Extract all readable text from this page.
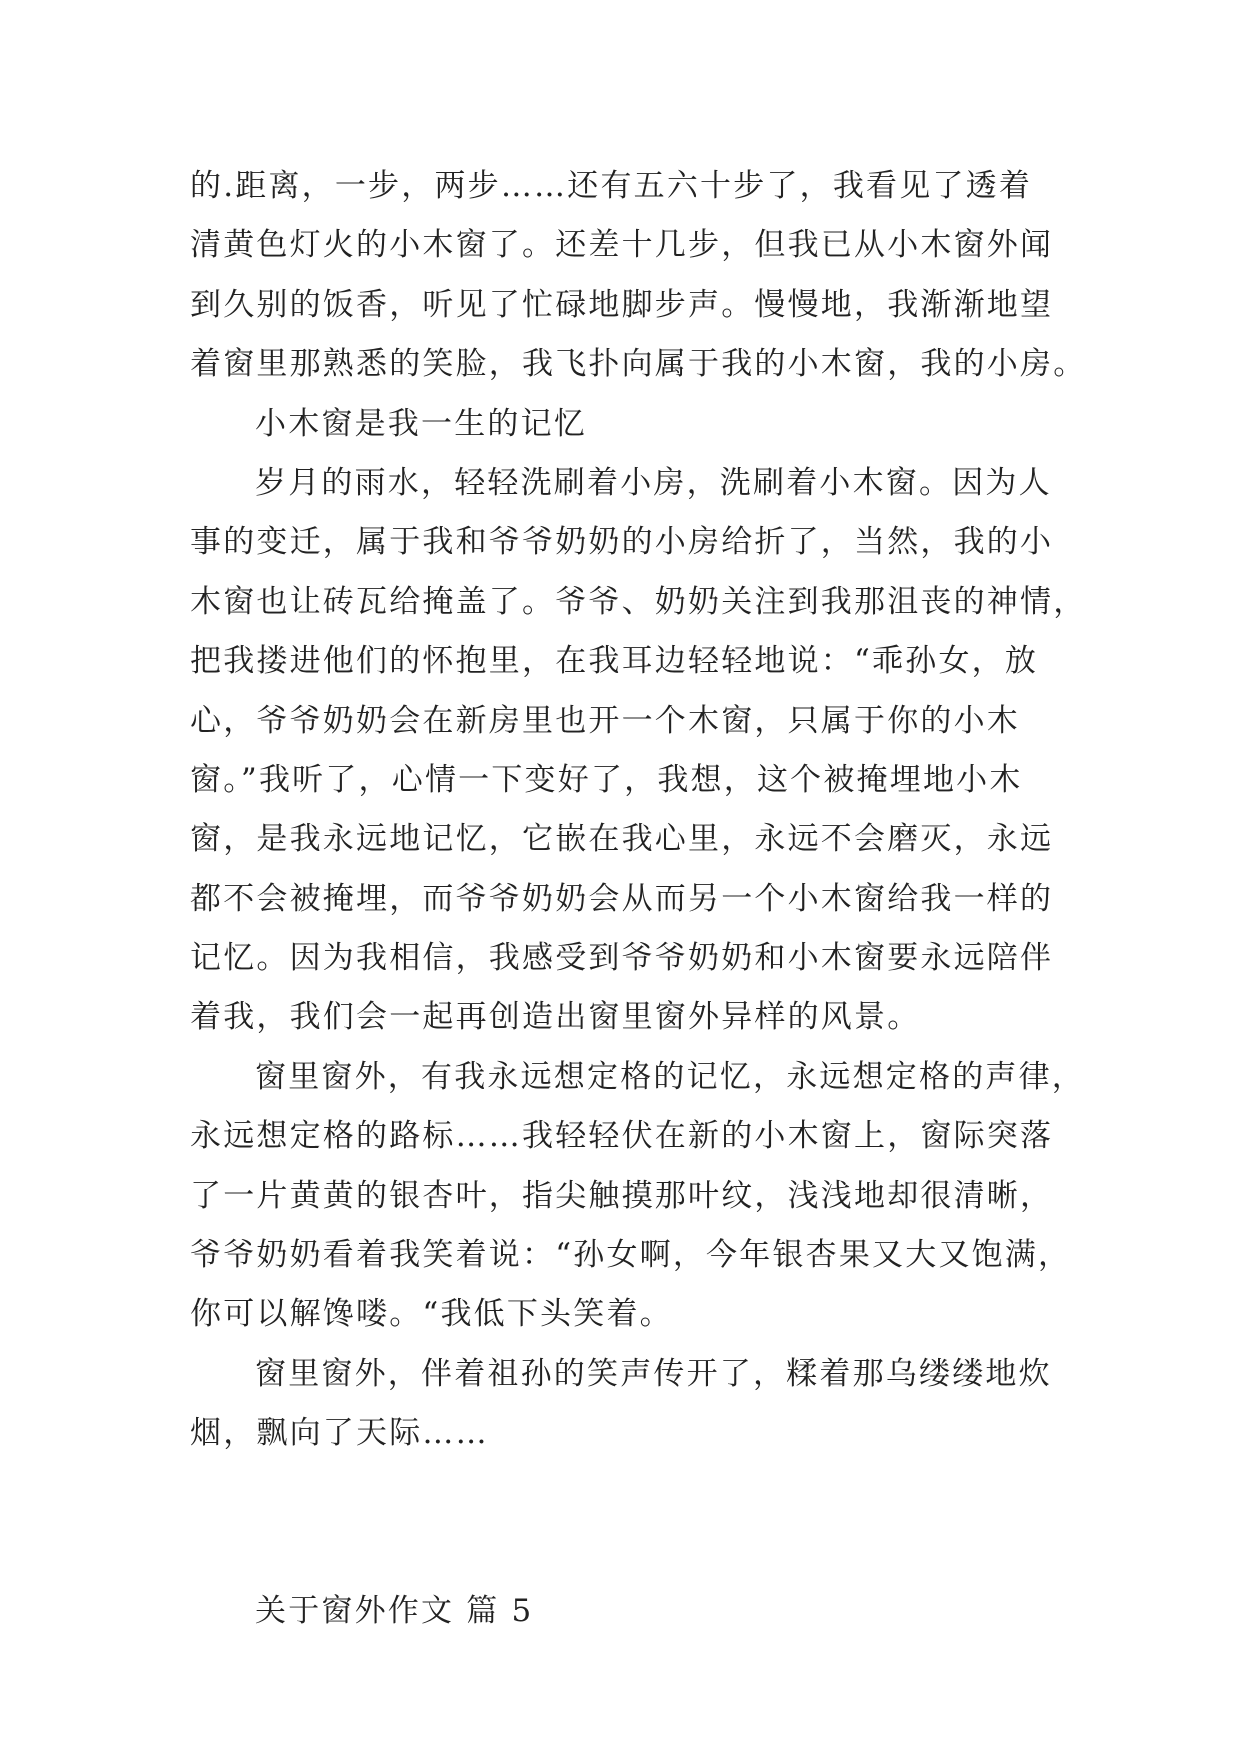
的.距离，一步，两步……还有五六十步了，我看见了透着
清黄色灯火的小木窗了。还差十几步，但我已从小木窗外闻
到久别的饭香，听见了忙碌地脚步声。慢慢地，我渐渐地望
着窗里那熟悉的笑脸，我飞扑向属于我的小木窗，我的小房。
小木窗是我一生的记忆
岁月的雨水，轻轻洗刷着小房，洗刷着小木窗。因为人
事的变迁，属于我和爷爷奶奶的小房给折了，当然，我的小
木窗也让砖瓦给掩盖了。爷爷、奶奶关注到我那沮丧的神情，
把我搂进他们的怀抱里，在我耳边轻轻地说：“乖孙女，放
心，爷爷奶奶会在新房里也开一个木窗，只属于你的小木
窗。”我听了，心情一下变好了，我想，这个被掩埋地小木
窗，是我永远地记忆，它嵌在我心里，永远不会磨灭，永远
都不会被掩埋，而爷爷奶奶会从而另一个小木窗给我一样的
记忆。因为我相信，我感受到爷爷奶奶和小木窗要永远陪伴
着我，我们会一起再创造出窗里窗外异样的风景。
窗里窗外，有我永远想定格的记忆，永远想定格的声律，
永远想定格的路标……我轻轻伏在新的小木窗上，窗际突落
了一片黄黄的银杏叶，指尖触摸那叶纹，浅浅地却很清晰，
爷爷奶奶看着我笑着说：“孙女啊，今年银杏果又大又饱满，
你可以解馋喽。“我低下头笑着。
窗里窗外，伴着祖孙的笑声传开了，糅着那乌缕缕地炊
烟，飘向了天际……
关于窗外作文 篇 5
